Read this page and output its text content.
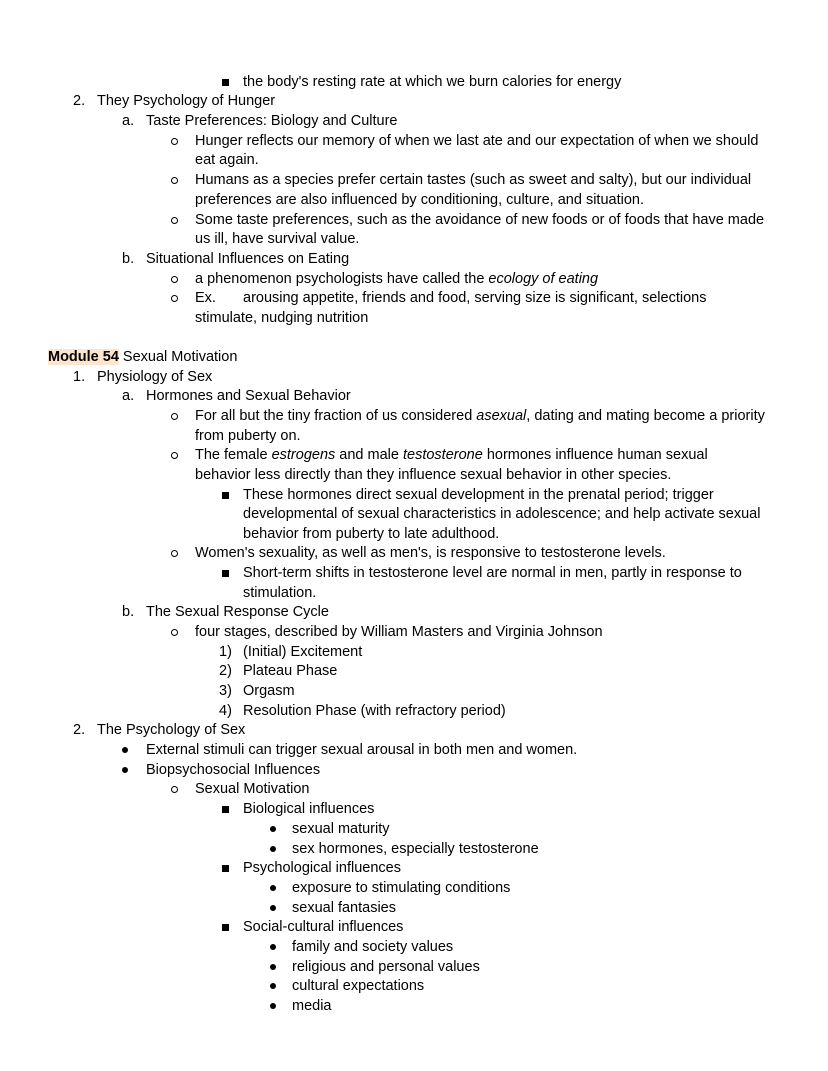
the body's resting rate at which we burn calories for energy
2. They Psychology of Hunger
a. Taste Preferences: Biology and Culture
Hunger reflects our memory of when we last ate and our expectation of when we should
eat again.
Humans as a species prefer certain tastes (such as sweet and salty), but our individual
preferences are also influenced by conditioning, culture, and situation.
Some taste preferences, such as the avoidance of new foods or of foods that have made
us ill, have survival value.
b. Situational Influences on Eating
a phenomenon psychologists have called the ecology of eating
Ex. arousing appetite, friends and food, serving size is significant, selections
stimulate, nudging nutrition
Module 54 Sexual Motivation
1. Physiology of Sex
a. Hormones and Sexual Behavior
For all but the tiny fraction of us considered asexual, dating and mating become a priority
from puberty on.
The female estrogens and male testosterone hormones influence human sexual
behavior less directly than they influence sexual behavior in other species.
These hormones direct sexual development in the prenatal period; trigger
developmental of sexual characteristics in adolescence; and help activate sexual
behavior from puberty to late adulthood.
Women's sexuality, as well as men's, is responsive to testosterone levels.
Short-term shifts in testosterone level are normal in men, partly in response to
stimulation.
b. The Sexual Response Cycle
four stages, described by William Masters and Virginia Johnson
1) (Initial) Excitement
2) Plateau Phase
3) Orgasm
4) Resolution Phase (with refractory period)
2. The Psychology of Sex
External stimuli can trigger sexual arousal in both men and women.
Biopsychosocial Influences
Sexual Motivation
Biological influences
sexual maturity
sex hormones, especially testosterone
Psychological influences
exposure to stimulating conditions
sexual fantasies
Social-cultural influences
family and society values
religious and personal values
cultural expectations
media
